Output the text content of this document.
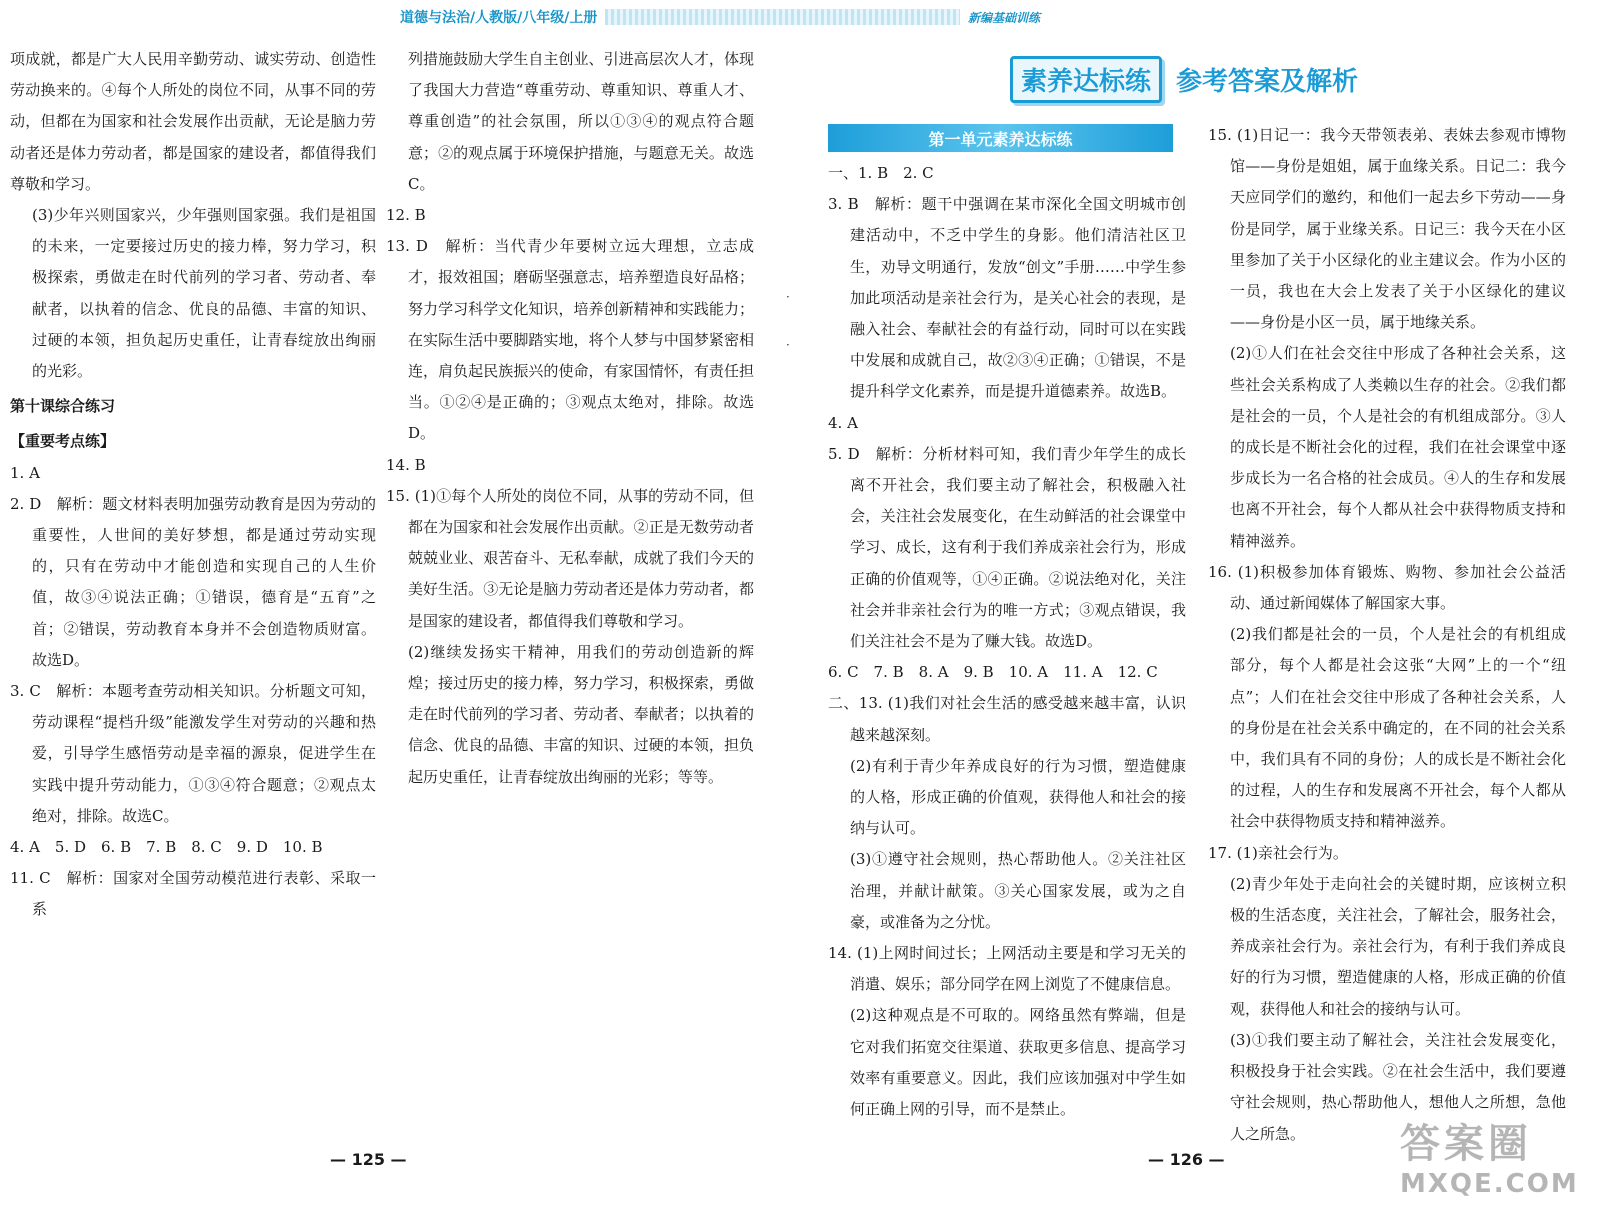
道德与法治/人教版/八年级/上册	新编基础训练

项成就，都是广大人民用辛勤劳动、诚实劳动、创造性劳动换来的。④每个人所处的岗位不同，从事不同的劳动，但都在为国家和社会发展作出贡献，无论是脑力劳动者还是体力劳动者，都是国家的建设者，都值得我们尊敬和学习。

(3)少年兴则国家兴，少年强则国家强。我们是祖国的未来，一定要接过历史的接力棒，努力学习，积极探索，勇做走在时代前列的学习者、劳动者、奉献者，以执着的信念、优良的品德、丰富的知识、过硬的本领，担负起历史重任，让青春绽放出绚丽的光彩。

第十课综合练习

【重要考点练】

1. A

2. D　解析：题文材料表明加强劳动教育是因为劳动的重要性，人世间的美好梦想，都是通过劳动实现的，只有在劳动中才能创造和实现自己的人生价值，故③④说法正确；①错误，德育是“五育”之首；②错误，劳动教育本身并不会创造物质财富。故选D。

3. C　解析：本题考查劳动相关知识。分析题文可知，劳动课程“提档升级”能激发学生对劳动的兴趣和热爱，引导学生感悟劳动是幸福的源泉，促进学生在实践中提升劳动能力，①③④符合题意；②观点太绝对，排除。故选C。

4. A　5. D　6. B　7. B　8. C　9. D　10. B

11. C　解析：国家对全国劳动模范进行表彰、采取一系

列措施鼓励大学生自主创业、引进高层次人才，体现了我国大力营造“尊重劳动、尊重知识、尊重人才、尊重创造”的社会氛围，所以①③④的观点符合题意；②的观点属于环境保护措施，与题意无关。故选C。

12. B

13. D　解析：当代青少年要树立远大理想，立志成才，报效祖国；磨砺坚强意志，培养塑造良好品格；努力学习科学文化知识，培养创新精神和实践能力；在实际生活中要脚踏实地，将个人梦与中国梦紧密相连，肩负起民族振兴的使命，有家国情怀，有责任担当。①②④是正确的；③观点太绝对，排除。故选D。

14. B

15. (1)①每个人所处的岗位不同，从事的劳动不同，但都在为国家和社会发展作出贡献。②正是无数劳动者兢兢业业、艰苦奋斗、无私奉献，成就了我们今天的美好生活。③无论是脑力劳动者还是体力劳动者，都是国家的建设者，都值得我们尊敬和学习。

(2)继续发扬实干精神，用我们的劳动创造新的辉煌；接过历史的接力棒，努力学习，积极探索，勇做走在时代前列的学习者、劳动者、奉献者；以执着的信念、优良的品德、丰富的知识、过硬的本领，担负起历史重任，让青春绽放出绚丽的光彩；等等。

— 125 —
·
·
素养达标练 参考答案及解析
第一单元素养达标练

一、1. B　2. C

3. B　解析：题干中强调在某市深化全国文明城市创建活动中，不乏中学生的身影。他们清洁社区卫生，劝导文明通行，发放“创文”手册……中学生参加此项活动是亲社会行为，是关心社会的表现，是融入社会、奉献社会的有益行动，同时可以在实践中发展和成就自己，故②③④正确；①错误，不是提升科学文化素养，而是提升道德素养。故选B。

4. A

5. D　解析：分析材料可知，我们青少年学生的成长离不开社会，我们要主动了解社会，积极融入社会，关注社会发展变化，在生动鲜活的社会课堂中学习、成长，这有利于我们养成亲社会行为，形成正确的价值观等，①④正确。②说法绝对化，关注社会并非亲社会行为的唯一方式；③观点错误，我们关注社会不是为了赚大钱。故选D。

6. C　7. B　8. A　9. B　10. A　11. A　12. C

二、13. (1)我们对社会生活的感受越来越丰富，认识越来越深刻。

(2)有利于青少年养成良好的行为习惯，塑造健康的人格，形成正确的价值观，获得他人和社会的接纳与认可。

(3)①遵守社会规则，热心帮助他人。②关注社区治理，并献计献策。③关心国家发展，或为之自豪，或准备为之分忧。

14. (1)上网时间过长；上网活动主要是和学习无关的消遣、娱乐；部分同学在网上浏览了不健康信息。

(2)这种观点是不可取的。网络虽然有弊端，但是它对我们拓宽交往渠道、获取更多信息、提高学习效率有重要意义。因此，我们应该加强对中学生如何正确上网的引导，而不是禁止。

15. (1)日记一：我今天带领表弟、表妹去参观市博物馆——身份是姐姐，属于血缘关系。日记二：我今天应同学们的邀约，和他们一起去乡下劳动——身份是同学，属于业缘关系。日记三：我今天在小区里参加了关于小区绿化的业主建议会。作为小区的一员，我也在大会上发表了关于小区绿化的建议——身份是小区一员，属于地缘关系。

(2)①人们在社会交往中形成了各种社会关系，这些社会关系构成了人类赖以生存的社会。②我们都是社会的一员，个人是社会的有机组成部分。③人的成长是不断社会化的过程，我们在社会课堂中逐步成长为一名合格的社会成员。④人的生存和发展也离不开社会，每个人都从社会中获得物质支持和精神滋养。

16. (1)积极参加体育锻炼、购物、参加社会公益活动、通过新闻媒体了解国家大事。

(2)我们都是社会的一员，个人是社会的有机组成部分，每个人都是社会这张“大网”上的一个“纽点”；人们在社会交往中形成了各种社会关系，人的身份是在社会关系中确定的，在不同的社会关系中，我们具有不同的身份；人的成长是不断社会化的过程，人的生存和发展离不开社会，每个人都从社会中获得物质支持和精神滋养。

17. (1)亲社会行为。

(2)青少年处于走向社会的关键时期，应该树立积极的生活态度，关注社会，了解社会，服务社会，养成亲社会行为。亲社会行为，有利于我们养成良好的行为习惯，塑造健康的人格，形成正确的价值观，获得他人和社会的接纳与认可。

(3)①我们要主动了解社会，关注社会发展变化，积极投身于社会实践。②在社会生活中，我们要遵守社会规则，热心帮助他人，想他人之所想，急他人之所急。

— 126 —	答案圈
MXQE.COM
